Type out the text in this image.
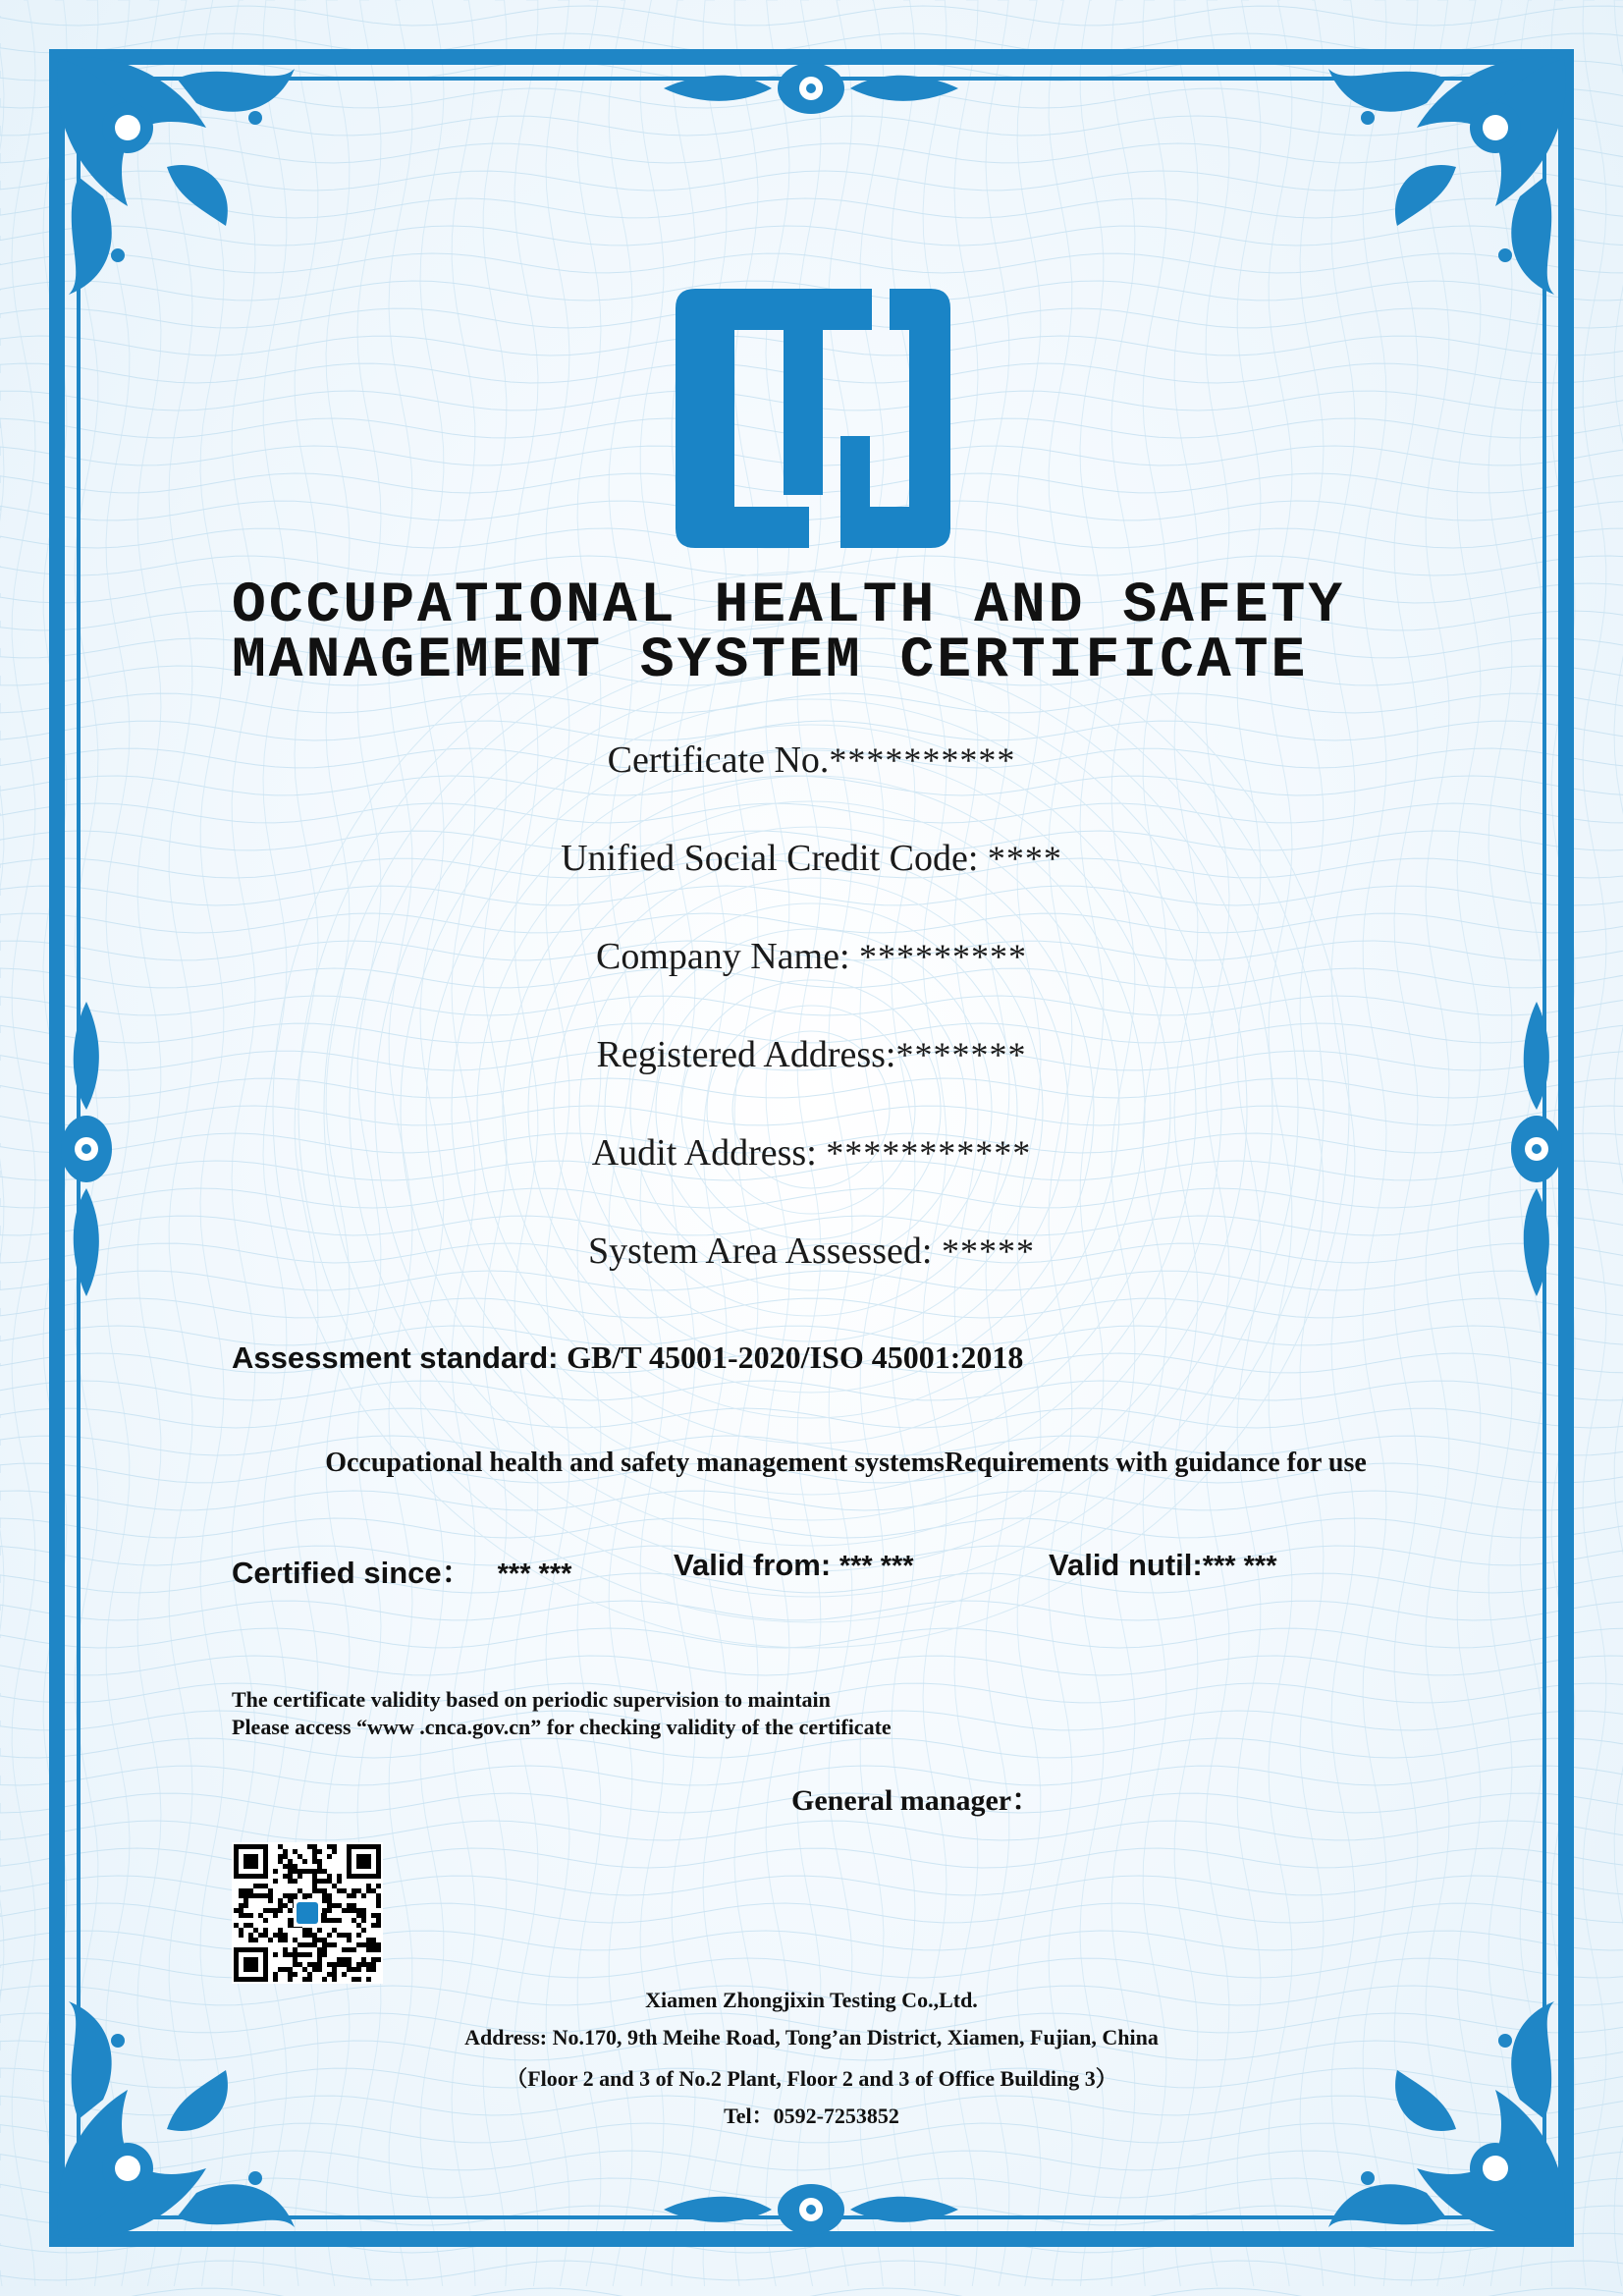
OCCUPATIONAL HEALTH AND SAFETY
MANAGEMENT SYSTEM CERTIFICATE
Certificate No.**********
Unified Social Credit Code: ****
Company Name: *********
Registered Address:*******
Audit Address: ***********
System Area Assessed: *****
Assessment standard: GB/T 45001-2020/ISO 45001:2018
Occupational health and safety management systemsRequirements with guidance for use
Certified since： *** ***	Valid from: *** ***	Valid nutil:*** ***
The certificate validity based on periodic supervision to maintain
Please access “www .cnca.gov.cn” for checking validity of the certificate
General manager：
Xiamen Zhongjixin Testing Co.,Ltd.
Address: No.170, 9th Meihe Road, Tong’an District, Xiamen, Fujian, China
（Floor 2 and 3 of No.2 Plant, Floor 2 and 3 of Office Building 3）
Tel：0592-7253852
